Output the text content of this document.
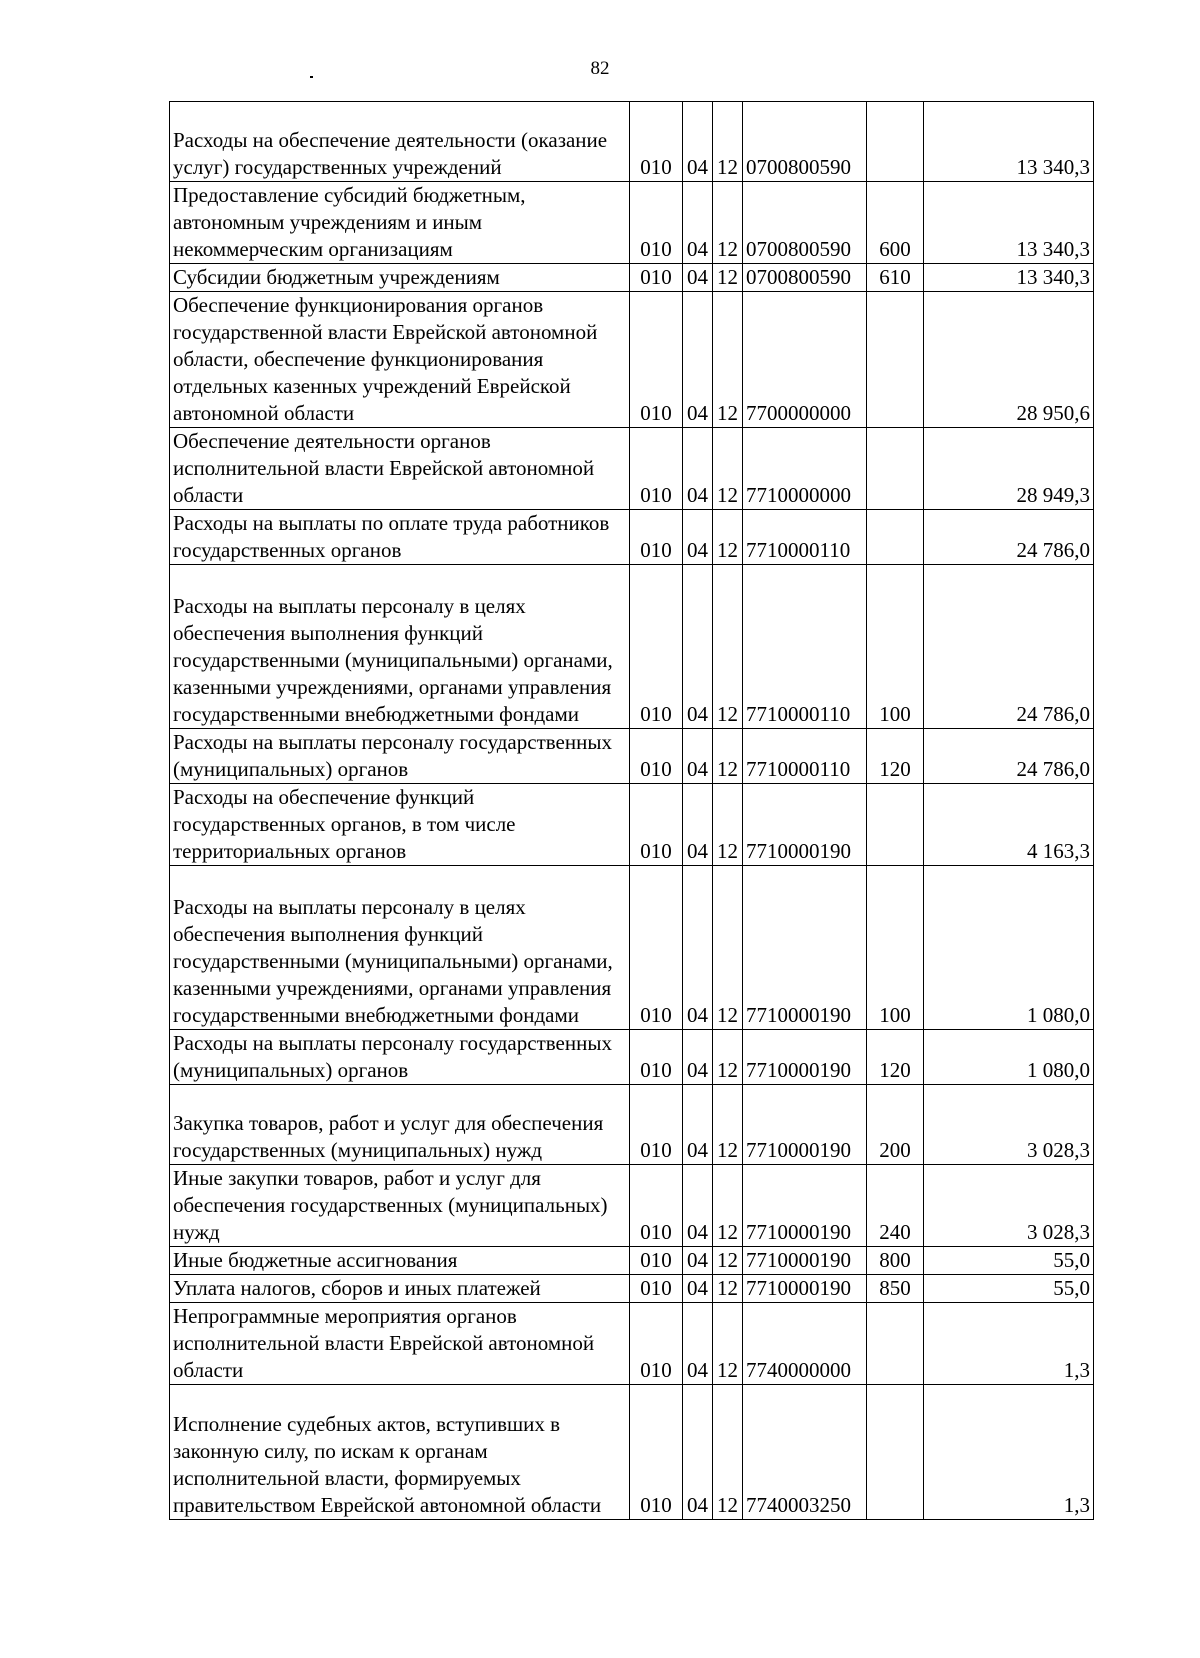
82
Расходы на обеспечение деятельности (оказание услуг) государственных учреждений	010	04	12	0700800590		13 340,3
Предоставление субсидий бюджетным, автономным учреждениям и иным некоммерческим организациям	010	04	12	0700800590	600	13 340,3
Субсидии бюджетным учреждениям	010	04	12	0700800590	610	13 340,3
Обеспечение функционирования органов государственной власти Еврейской автономной области, обеспечение функционирования отдельных казенных учреждений Еврейской автономной области	010	04	12	7700000000		28 950,6
Обеспечение деятельности органов исполнительной власти Еврейской автономной области	010	04	12	7710000000		28 949,3
Расходы на выплаты по оплате труда работников государственных органов	010	04	12	7710000110		24 786,0
Расходы на выплаты персоналу в целях обеспечения выполнения функций государственными (муниципальными) органами, казенными учреждениями, органами управления государственными внебюджетными фондами	010	04	12	7710000110	100	24 786,0
Расходы на выплаты персоналу государственных (муниципальных) органов	010	04	12	7710000110	120	24 786,0
Расходы на обеспечение функций государственных органов, в том числе территориальных органов	010	04	12	7710000190		4 163,3
Расходы на выплаты персоналу в целях обеспечения выполнения функций государственными (муниципальными) органами, казенными учреждениями, органами управления государственными внебюджетными фондами	010	04	12	7710000190	100	1 080,0
Расходы на выплаты персоналу государственных (муниципальных) органов	010	04	12	7710000190	120	1 080,0
Закупка товаров, работ и услуг для обеспечения государственных (муниципальных) нужд	010	04	12	7710000190	200	3 028,3
Иные закупки товаров, работ и услуг для обеспечения государственных (муниципальных) нужд	010	04	12	7710000190	240	3 028,3
Иные бюджетные ассигнования	010	04	12	7710000190	800	55,0
Уплата налогов, сборов и иных платежей	010	04	12	7710000190	850	55,0
Непрограммные мероприятия органов исполнительной власти Еврейской автономной области	010	04	12	7740000000		1,3
Исполнение судебных актов, вступивших в законную силу, по искам к органам исполнительной власти, формируемых правительством Еврейской автономной области	010	04	12	7740003250		1,3
